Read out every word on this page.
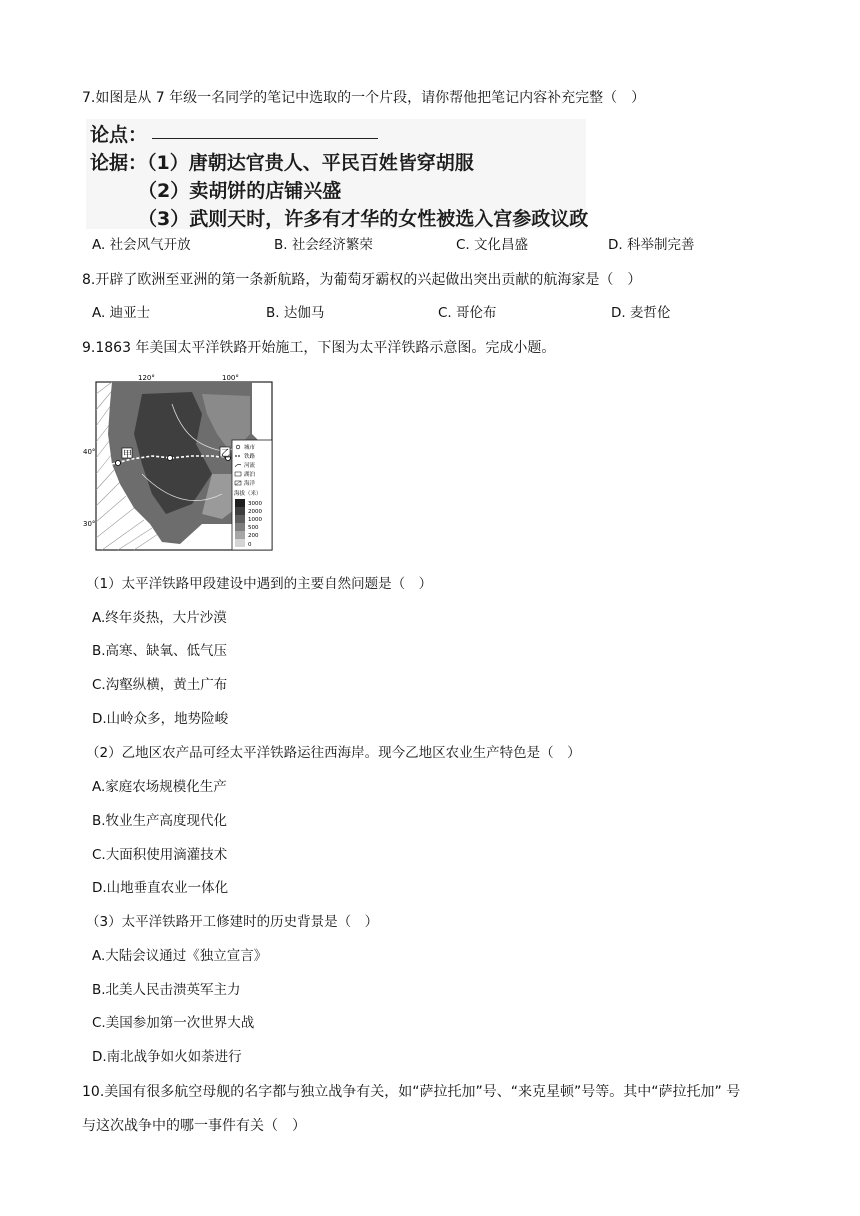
7.如图是从 7 年级一名同学的笔记中选取的一个片段，请你帮他把笔记内容补充完整（　）
论点：
论据：（1）唐朝达官贵人、平民百姓皆穿胡服
（2）卖胡饼的店铺兴盛
（3）武则天时，许多有才华的女性被选入宫参政议政
A. 社会风气开放	B. 社会经济繁荣	C. 文化昌盛	D. 科举制完善
8.开辟了欧洲至亚洲的第一条新航路，为葡萄牙霸权的兴起做出突出贡献的航海家是（　）
A. 迪亚士	B. 达伽马	C. 哥伦布	D. 麦哲伦
9.1863 年美国太平洋铁路开始施工，下图为太平洋铁路示意图。完成小题。
甲	乙
120°	100°
40°
30°
城市
铁路
河流
湖泊
海洋
海拔（米）
3000
2000
1000
500
200
0
（1）太平洋铁路甲段建设中遇到的主要自然问题是（　）
A.终年炎热，大片沙漠
B.高寒、缺氧、低气压
C.沟壑纵横，黄土广布
D.山岭众多，地势险峻
（2）乙地区农产品可经太平洋铁路运往西海岸。现今乙地区农业生产特色是（　）
A.家庭农场规模化生产
B.牧业生产高度现代化
C.大面积使用滴灌技术
D.山地垂直农业一体化
（3）太平洋铁路开工修建时的历史背景是（　）
A.大陆会议通过《独立宣言》
B.北美人民击溃英军主力
C.美国参加第一次世界大战
D.南北战争如火如荼进行
10.美国有很多航空母舰的名字都与独立战争有关，如“萨拉托加”号、“来克星顿”号等。其中“萨拉托加” 号
与这次战争中的哪一事件有关（　）
